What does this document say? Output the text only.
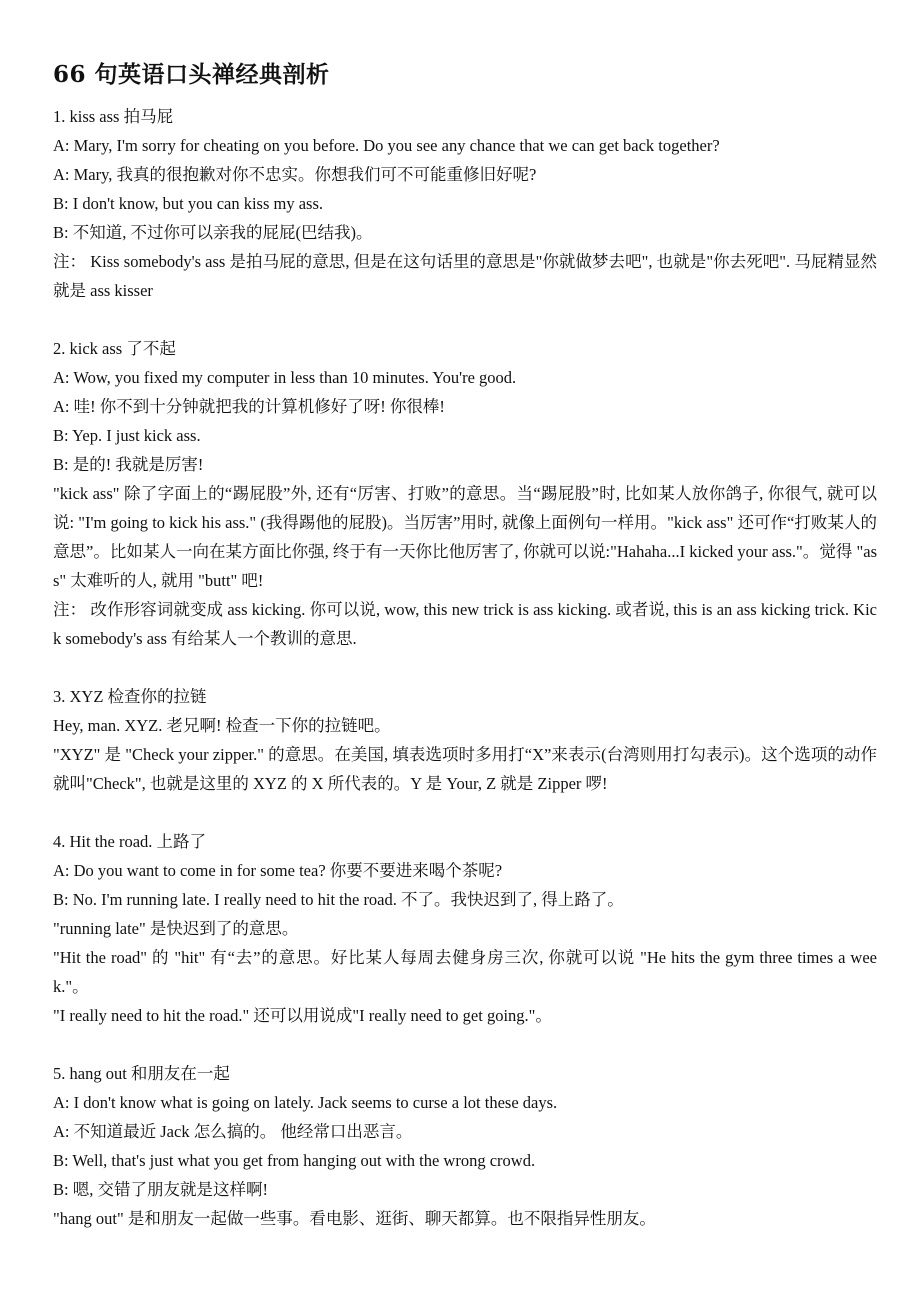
66 句英语口头禅经典剖析

1. kiss ass 拍马屁

A: Mary, I'm sorry for cheating on you before. Do you see any chance that we can get back together?

A: Mary, 我真的很抱歉对你不忠实。你想我们可不可能重修旧好呢?

B: I don't know, but you can kiss my ass.

B: 不知道, 不过你可以亲我的屁屁(巴结我)。

注： Kiss somebody's ass 是拍马屁的意思, 但是在这句话里的意思是"你就做梦去吧", 也就是"你去死吧". 马屁精显然就是 ass kisser

2. kick ass 了不起

A: Wow, you fixed my computer in less than 10 minutes. You're good.

A: 哇! 你不到十分钟就把我的计算机修好了呀! 你很棒!

B: Yep. I just kick ass.

B: 是的! 我就是厉害!

"kick ass" 除了字面上的“踢屁股”外, 还有“厉害、打败”的意思。当“踢屁股”时, 比如某人放你鸽子, 你很气, 就可以说: "I'm going to kick his ass." (我得踢他的屁股)。当厉害”用时, 就像上面例句一样用。"kick ass" 还可作“打败某人的意思”。比如某人一向在某方面比你强, 终于有一天你比他厉害了, 你就可以说:"Hahaha...I kicked your ass."。觉得 "ass" 太难听的人, 就用 "butt" 吧!

注： 改作形容词就变成 ass kicking. 你可以说, wow, this new trick is ass kicking. 或者说, this is an ass kicking trick. Kick somebody's ass 有给某人一个教训的意思.

3. XYZ 检查你的拉链

Hey, man. XYZ. 老兄啊! 检查一下你的拉链吧。

"XYZ" 是 "Check your zipper." 的意思。在美国, 填表选项时多用打“X”来表示(台湾则用打勾表示)。这个选项的动作就叫"Check", 也就是这里的 XYZ 的 X 所代表的。Y 是 Your, Z 就是 Zipper 啰!

4. Hit the road. 上路了

A: Do you want to come in for some tea? 你要不要进来喝个茶呢?

B: No. I'm running late. I really need to hit the road. 不了。我快迟到了, 得上路了。

"running late" 是快迟到了的意思。

"Hit the road" 的 "hit" 有“去”的意思。好比某人每周去健身房三次, 你就可以说 "He hits the gym three times a week."。

"I really need to hit the road." 还可以用说成"I really need to get going."。

5. hang out 和朋友在一起

A: I don't know what is going on lately. Jack seems to curse a lot these days.

A: 不知道最近 Jack 怎么搞的。 他经常口出恶言。

B: Well, that's just what you get from hanging out with the wrong crowd.

B: 嗯, 交错了朋友就是这样啊!

"hang out" 是和朋友一起做一些事。看电影、逛街、聊天都算。也不限指异性朋友。
